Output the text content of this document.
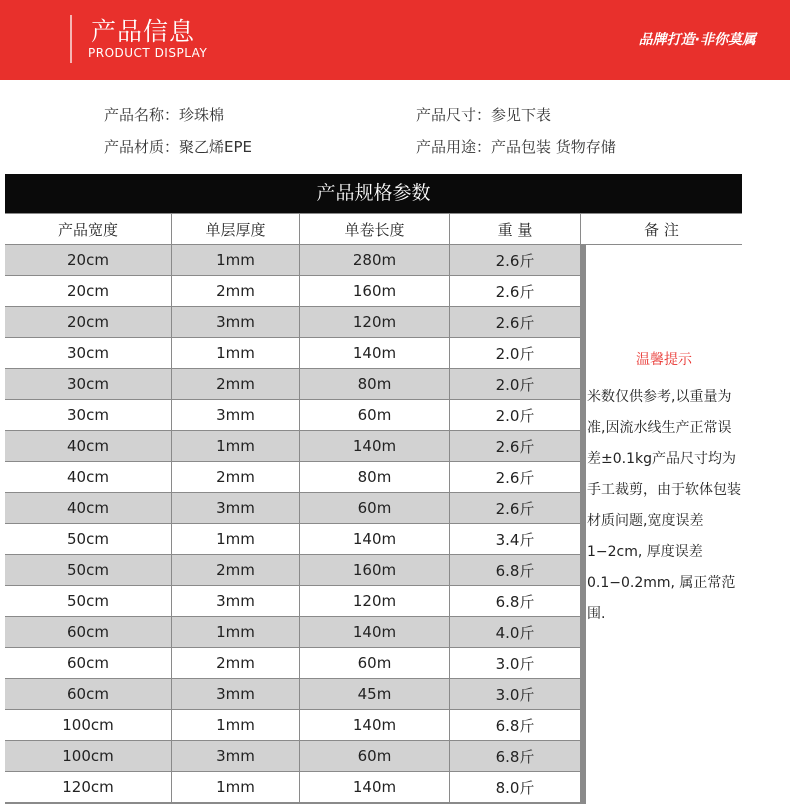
产品信息
PRODUCT DISPLAY
品牌打造·非你莫属
产品名称：珍珠棉	产品尺寸：参见下表
产品材质：聚乙烯EPE	产品用途：产品包装 货物存储
产品规格参数
温馨提示
米数仅供参考,以重量为准,因流水线生产正常误差±0.1kg产品尺寸均为手工裁剪，由于软体包装材质问题,宽度误差1−2cm, 厚度误差0.1−0.2mm, 属正常范围.
产品宽度	单层厚度	单卷长度	重 量	备 注
20cm	1mm	280m	2.6斤
20cm	2mm	160m	2.6斤
20cm	3mm	120m	2.6斤
30cm	1mm	140m	2.0斤
30cm	2mm	80m	2.0斤
30cm	3mm	60m	2.0斤
40cm	1mm	140m	2.6斤
40cm	2mm	80m	2.6斤
40cm	3mm	60m	2.6斤
50cm	1mm	140m	3.4斤
50cm	2mm	160m	6.8斤
50cm	3mm	120m	6.8斤
60cm	1mm	140m	4.0斤
60cm	2mm	60m	3.0斤
60cm	3mm	45m	3.0斤
100cm	1mm	140m	6.8斤
100cm	3mm	60m	6.8斤
120cm	1mm	140m	8.0斤
